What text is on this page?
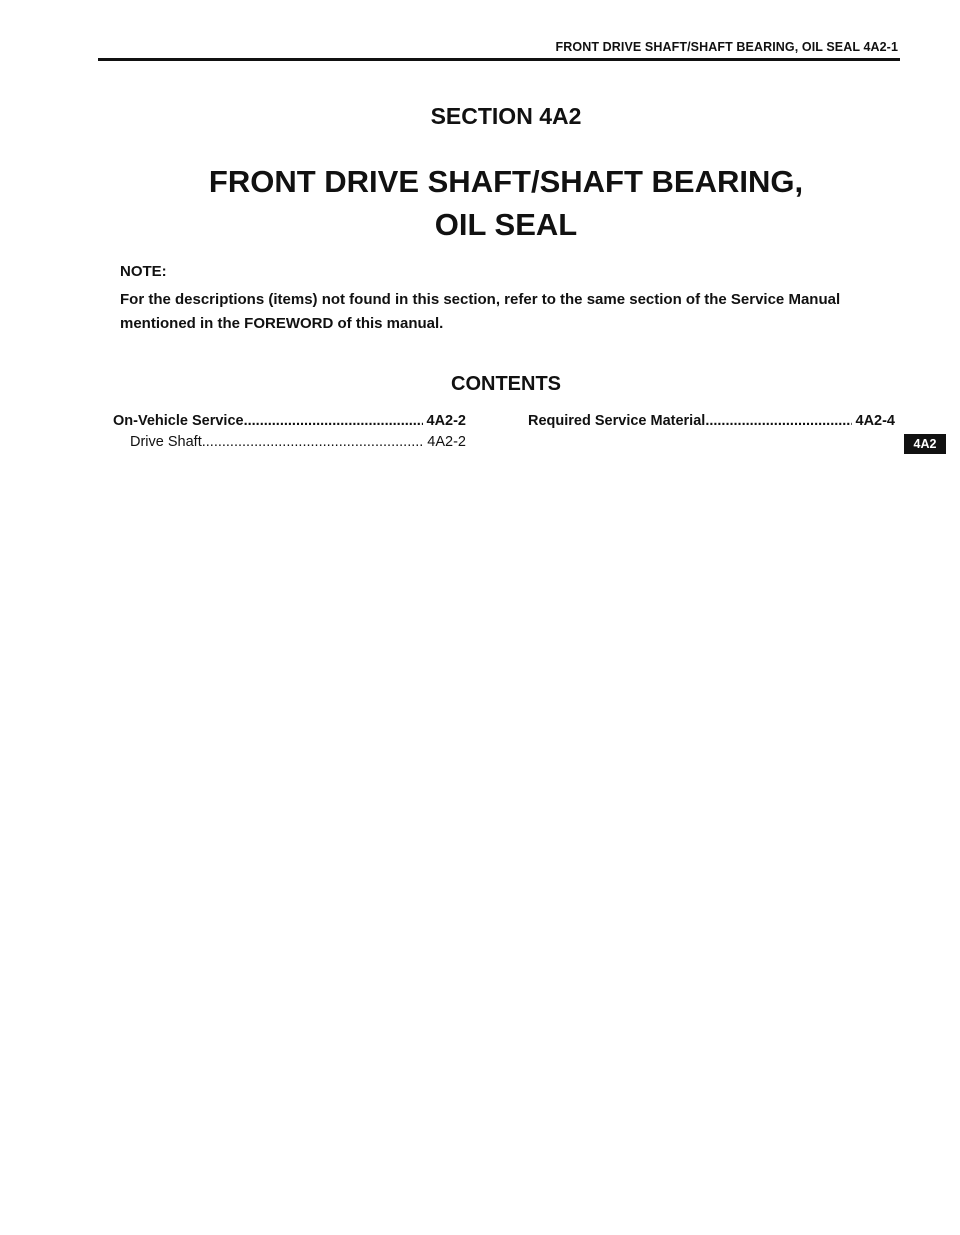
FRONT DRIVE SHAFT/SHAFT BEARING, OIL SEAL 4A2-1
SECTION 4A2
FRONT DRIVE SHAFT/SHAFT BEARING,
OIL SEAL
NOTE:
For the descriptions (items) not found in this section, refer to the same section of the Service Manual mentioned in the FOREWORD of this manual.
CONTENTS
On-Vehicle Service .....	4A2-2
Drive Shaft .....	4A2-2
Required Service Material .....	4A2-4
4A2
